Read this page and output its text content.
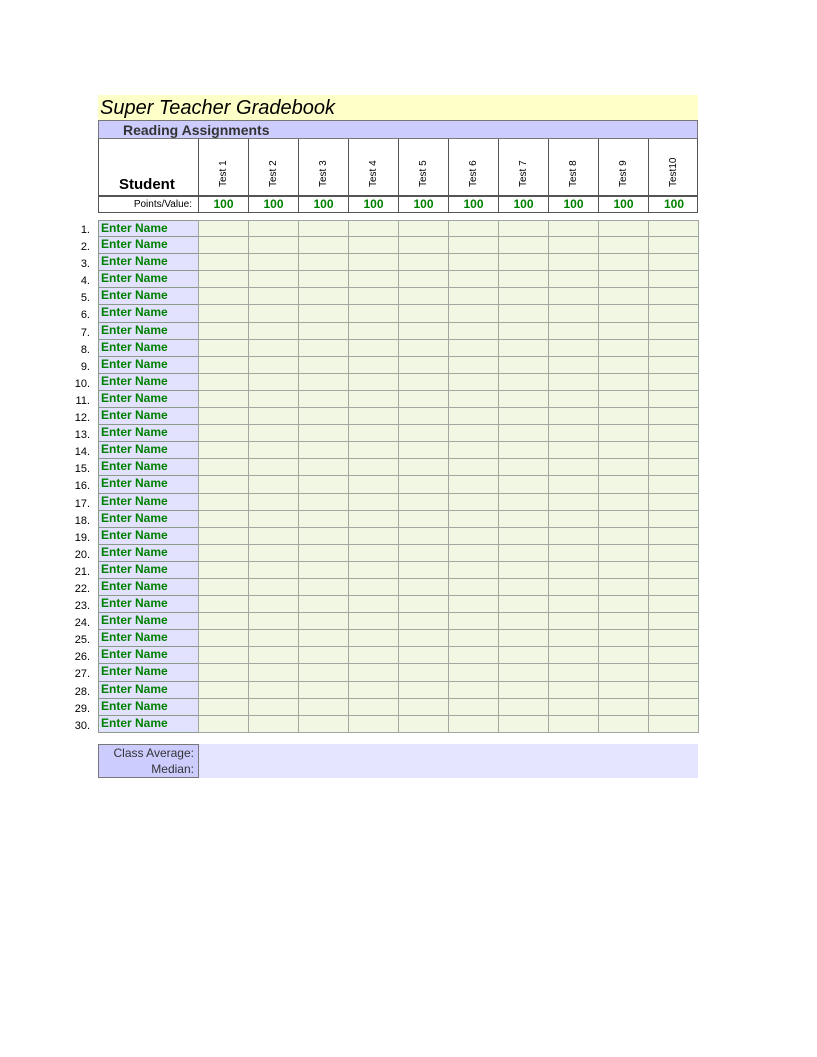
Super Teacher Gradebook
Reading Assignments
Student	Test 1	Test 2	Test 3	Test 4	Test 5	Test 6	Test 7	Test 8	Test 9	Test10
Points/Value:	100	100	100	100	100	100	100	100	100	100
1. Enter Name
2. Enter Name
3. Enter Name
4. Enter Name
5. Enter Name
6. Enter Name
7. Enter Name
8. Enter Name
9. Enter Name
10. Enter Name
11. Enter Name
12. Enter Name
13. Enter Name
14. Enter Name
15. Enter Name
16. Enter Name
17. Enter Name
18. Enter Name
19. Enter Name
20. Enter Name
21. Enter Name
22. Enter Name
23. Enter Name
24. Enter Name
25. Enter Name
26. Enter Name
27. Enter Name
28. Enter Name
29. Enter Name
30. Enter Name
Class Average:
Median:
